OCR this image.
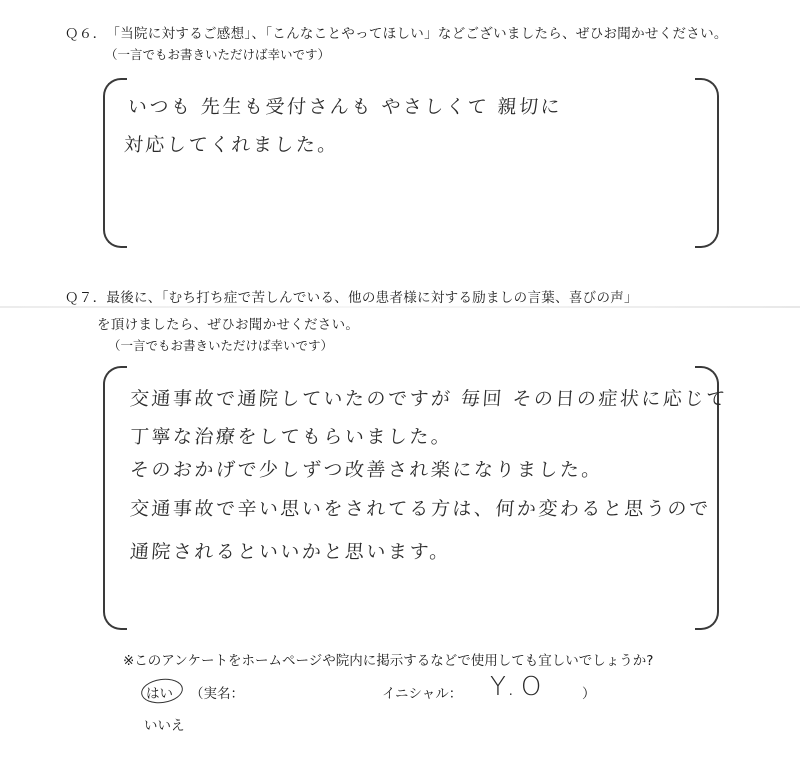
Ｑ６．「当院に対するご感想」、「こんなことやってほしい」などございましたら、ぜひお聞かせください。
（一言でもお書きいただけば幸いです）
いつも 先生も受付さんも やさしくて 親切に
対応してくれました。
Ｑ７．最後に、「むち打ち症で苦しんでいる、他の患者様に対する励ましの言葉、喜びの声」
を頂けましたら、ぜひお聞かせください。
（一言でもお書きいただけば幸いです）
交通事故で通院していたのですが 毎回 その日の症状に応じて
丁寧な治療をしてもらいました。
そのおかげで少しずつ改善され楽になりました。
交通事故で辛い思いをされてる方は、何か変わると思うので
通院されるといいかと思います。
※このアンケートをホームページや院内に掲示するなどで使用しても宜しいでしょうか?
はい （実名：	イニシャル： Y.O	）
いいえ
